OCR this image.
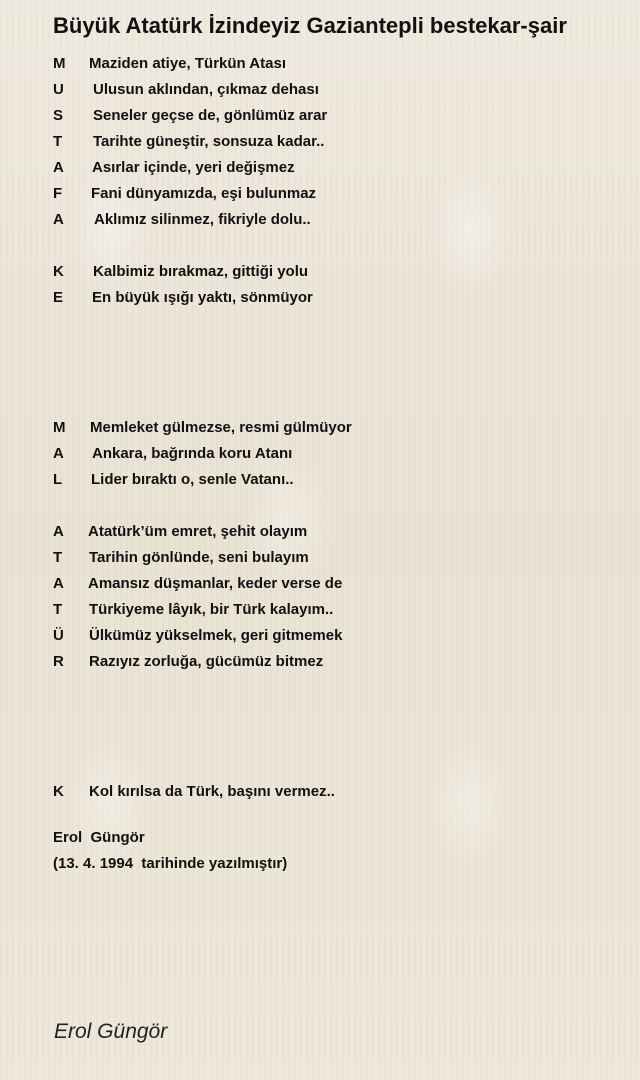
Büyük Atatürk İzindeyiz Gaziantepli bestekar-şair
M Maziden atiye, Türkün Atası
U Ulusun aklından, çıkmaz dehası
S Seneler geçse de, gönlümüz arar
T Tarihte güneştir, sonsuza kadar..
A Asırlar içinde, yeri değişmez
F Fani dünyamızda, eşi bulunmaz
A Aklımız silinmez, fikriyle dolu..
K Kalbimiz bırakmaz, gittiği yolu
E En büyük ışığı yaktı, sönmüyor
M Memleket gülmezse, resmi gülmüyor
A Ankara, bağrında koru Atanı
L Lider bıraktı o, senle Vatanı..
A Atatürk’üm emret, şehit olayım
T Tarihin gönlünde, seni bulayım
A Amansız düşmanlar, keder verse de
T Türkiyeme lâyık, bir Türk kalayım..
Ü Ülkümüz yükselmek, geri gitmemek
R Razıyız zorluğa, gücümüz bitmez
K Kol kırılsa da Türk, başını vermez..
Erol  Güngör
(13. 4. 1994  tarihinde yazılmıştır)
Erol Güngör
